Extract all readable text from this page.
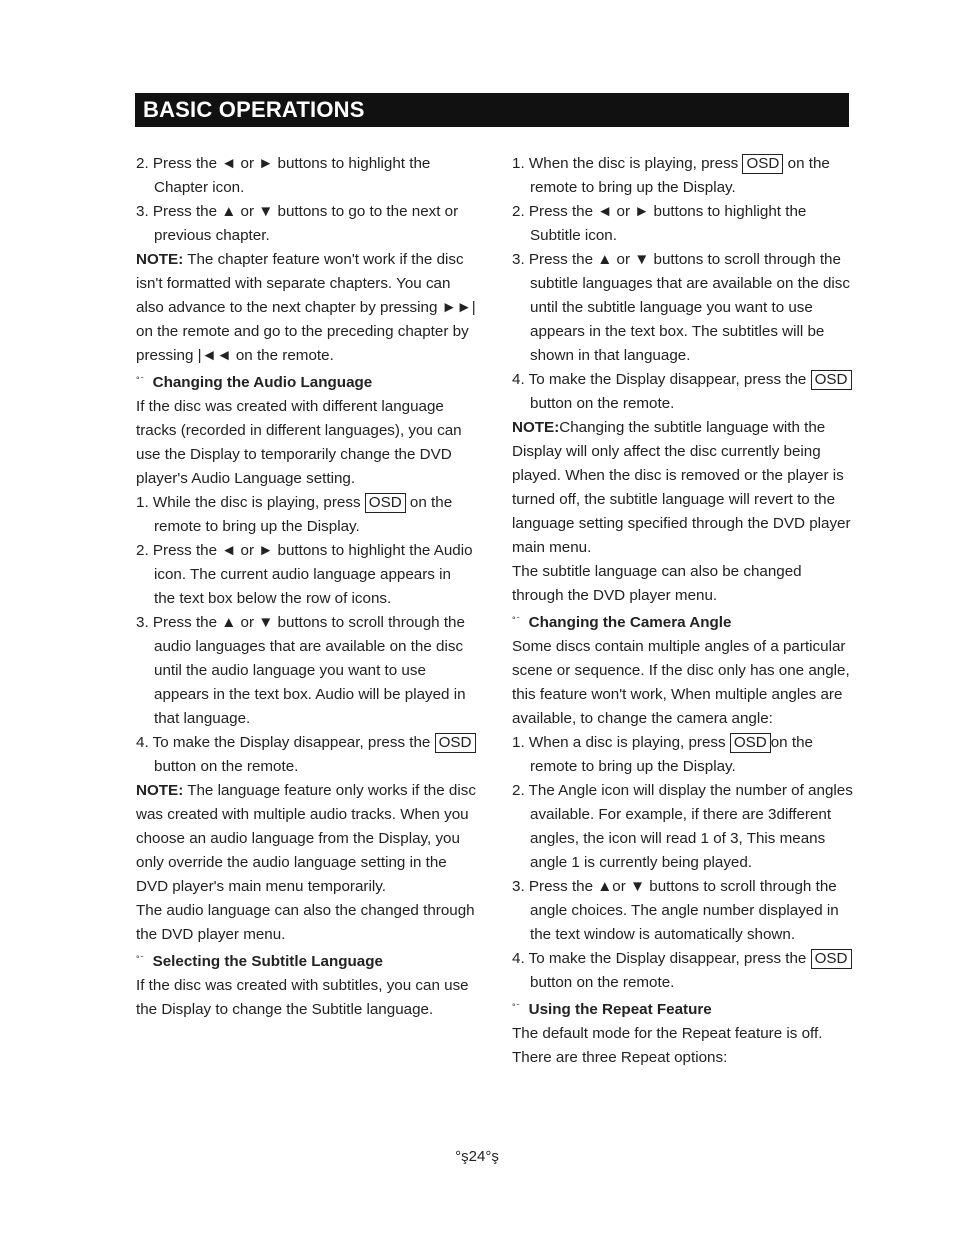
BASIC OPERATIONS

2. Press the ◄ or ► buttons to highlight the Chapter icon.

3. Press the ▲ or ▼ buttons to go to the next or previous chapter.

NOTE: The chapter feature won't work if the disc isn't formatted with separate chapters. You can also advance to the next chapter by pressing ►►| on the remote and go to the preceding chapter by pressing |◄◄ on the remote.

$^{^\circ ˉ}$ Changing the Audio Language

If the disc was created with different language tracks (recorded in different languages), you can use the Display to temporarily change the DVD player's Audio Language setting.

1. While the disc is playing, press OSD on the remote to bring up the Display.

2. Press the ◄ or ► buttons to highlight the Audio icon. The current audio language appears in the text box below the row of icons.

3. Press the ▲ or ▼ buttons to scroll through the audio languages that are available on the disc until the audio language you want to use appears in the text box. Audio will be played in that language.

4. To make the Display disappear, press the OSD button on the remote.

NOTE: The language feature only works if the disc was created with multiple audio tracks. When you choose an audio language from the Display, you only override the audio language setting in the DVD player's main menu temporarily.

The audio language can also the changed through the DVD player menu.

$^{^\circ ˉ}$ Selecting the Subtitle Language

If the disc was created with subtitles, you can use the Display to change the Subtitle language.

1. When the disc is playing, press OSD on the remote to bring up the Display.

2. Press the ◄ or ► buttons to highlight the Subtitle icon.

3. Press the ▲ or ▼ buttons to scroll through the subtitle languages that are available on the disc until the subtitle language you want to use appears in the text box. The subtitles will be shown in that language.

4. To make the Display disappear, press the OSD button on the remote.

NOTE:Changing the subtitle language with the Display will only affect the disc currently being played. When the disc is removed or the player is turned off, the subtitle language will revert to the language setting specified through the DVD player main menu.

The subtitle language can also be changed through the DVD player menu.

$^{^\circ ˉ}$ Changing the Camera Angle

Some discs contain multiple angles of a particular scene or sequence. If the disc only has one angle, this feature won't work, When multiple angles are available, to change the camera angle:

1. When a disc is playing, press OSD on the remote to bring up the Display.

2. The Angle icon will display the number of angles available. For example, if there are 3different angles, the icon will read 1 of 3, This means angle 1 is currently being played.

3. Press the ▲or ▼ buttons to scroll through the angle choices. The angle number displayed in the text window is automatically shown.

4. To make the Display disappear, press the OSDbutton on the remote.

$^{^\circ ˉ}$ Using the Repeat Feature

The default mode for the Repeat feature is off. There are three Repeat options:

°ş24°ş
